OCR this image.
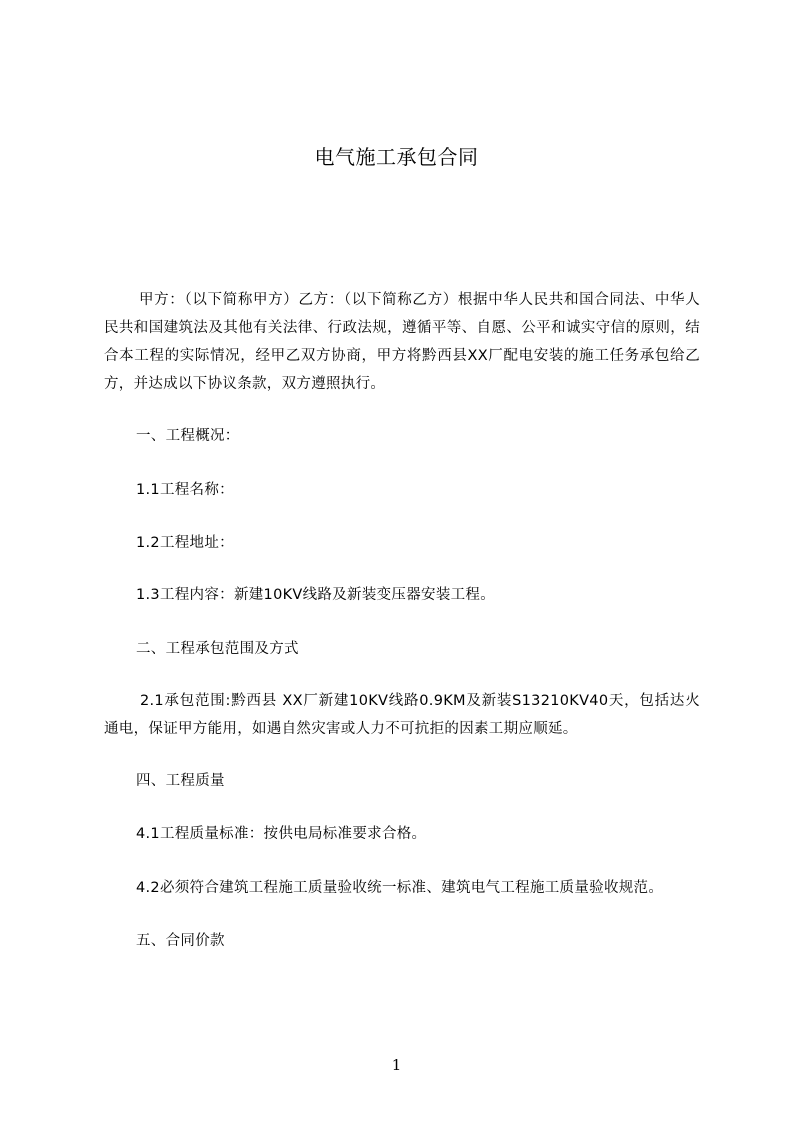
电气施工承包合同

甲方：（以下简称甲方）乙方：（以下简称乙方）根据中华人民共和国合同法、中华人民共和国建筑法及其他有关法律、行政法规，遵循平等、自愿、公平和诚实守信的原则，结合本工程的实际情况，经甲乙双方协商，甲方将黔西县XX厂配电安装的施工任务承包给乙方，并达成以下协议条款，双方遵照执行。

一、工程概况：

1.1工程名称：

1.2工程地址：

1.3工程内容：新建10KV线路及新装变压器安装工程。

二、工程承包范围及方式

2.1承包范围:黔西县 XX厂新建10KV线路0.9KM及新装S13210KV40天，包括达火通电，保证甲方能用，如遇自然灾害或人力不可抗拒的因素工期应顺延。

四、工程质量

4.1工程质量标准：按供电局标准要求合格。

4.2必须符合建筑工程施工质量验收统一标准、建筑电气工程施工质量验收规范。

五、合同价款

1
